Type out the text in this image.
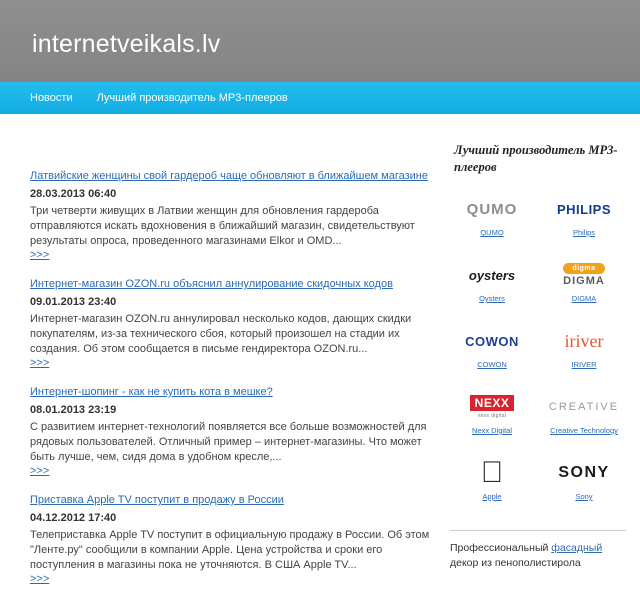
internetveikals.lv
Новости Лучший производитель MP3-плееров
Латвийские женщины свой гардероб чаще обновляют в ближайшем магазине
28.03.2013 06:40
Три четверти живущих в Латвии женщин для обновления гардероба отправляются искать вдохновения в ближайший магазин, свидетельствуют результаты опроса, проведенного магазинами Elkor и OMD...
>>>
Интернет-магазин OZON.ru объяснил аннулирование скидочных кодов
09.01.2013 23:40
Интернет-магазин OZON.ru аннулировал несколько кодов, дающих скидки покупателям, из-за технического сбоя, который произошел на стадии их создания. Об этом сообщается в письме гендиректора OZON.ru...
>>>
Интернет-шопинг - как не купить кота в мешке?
08.01.2013 23:19
С развитием интернет-технологий появляется все больше возможностей для рядовых пользователей. Отличный пример – интернет-магазины. Что может быть лучше, чем, сидя дома в удобном кресле,...
>>>
Приставка Apple TV поступит в продажу в России
04.12.2012 17:40
Телеприставка Apple TV поступит в официальную продажу в России. Об этом "Ленте.ру" сообщили в компании Apple. Цена устройства и сроки его поступления в магазины пока не уточняются. В США Apple TV...
>>>
Лучший производитель MP3-плееров
QUMO
QUMO
PHILIPS
Philips
oysters
Oysters
digma
DIGMA
DIGMA
COWON
COWON
iriver
IRIVER
NEXX
nexx digital
Nexx Digital
CREATIVE
Creative Technology
Apple
SONY
Sony
Профессиональный фасадный декор из пенополистирола
